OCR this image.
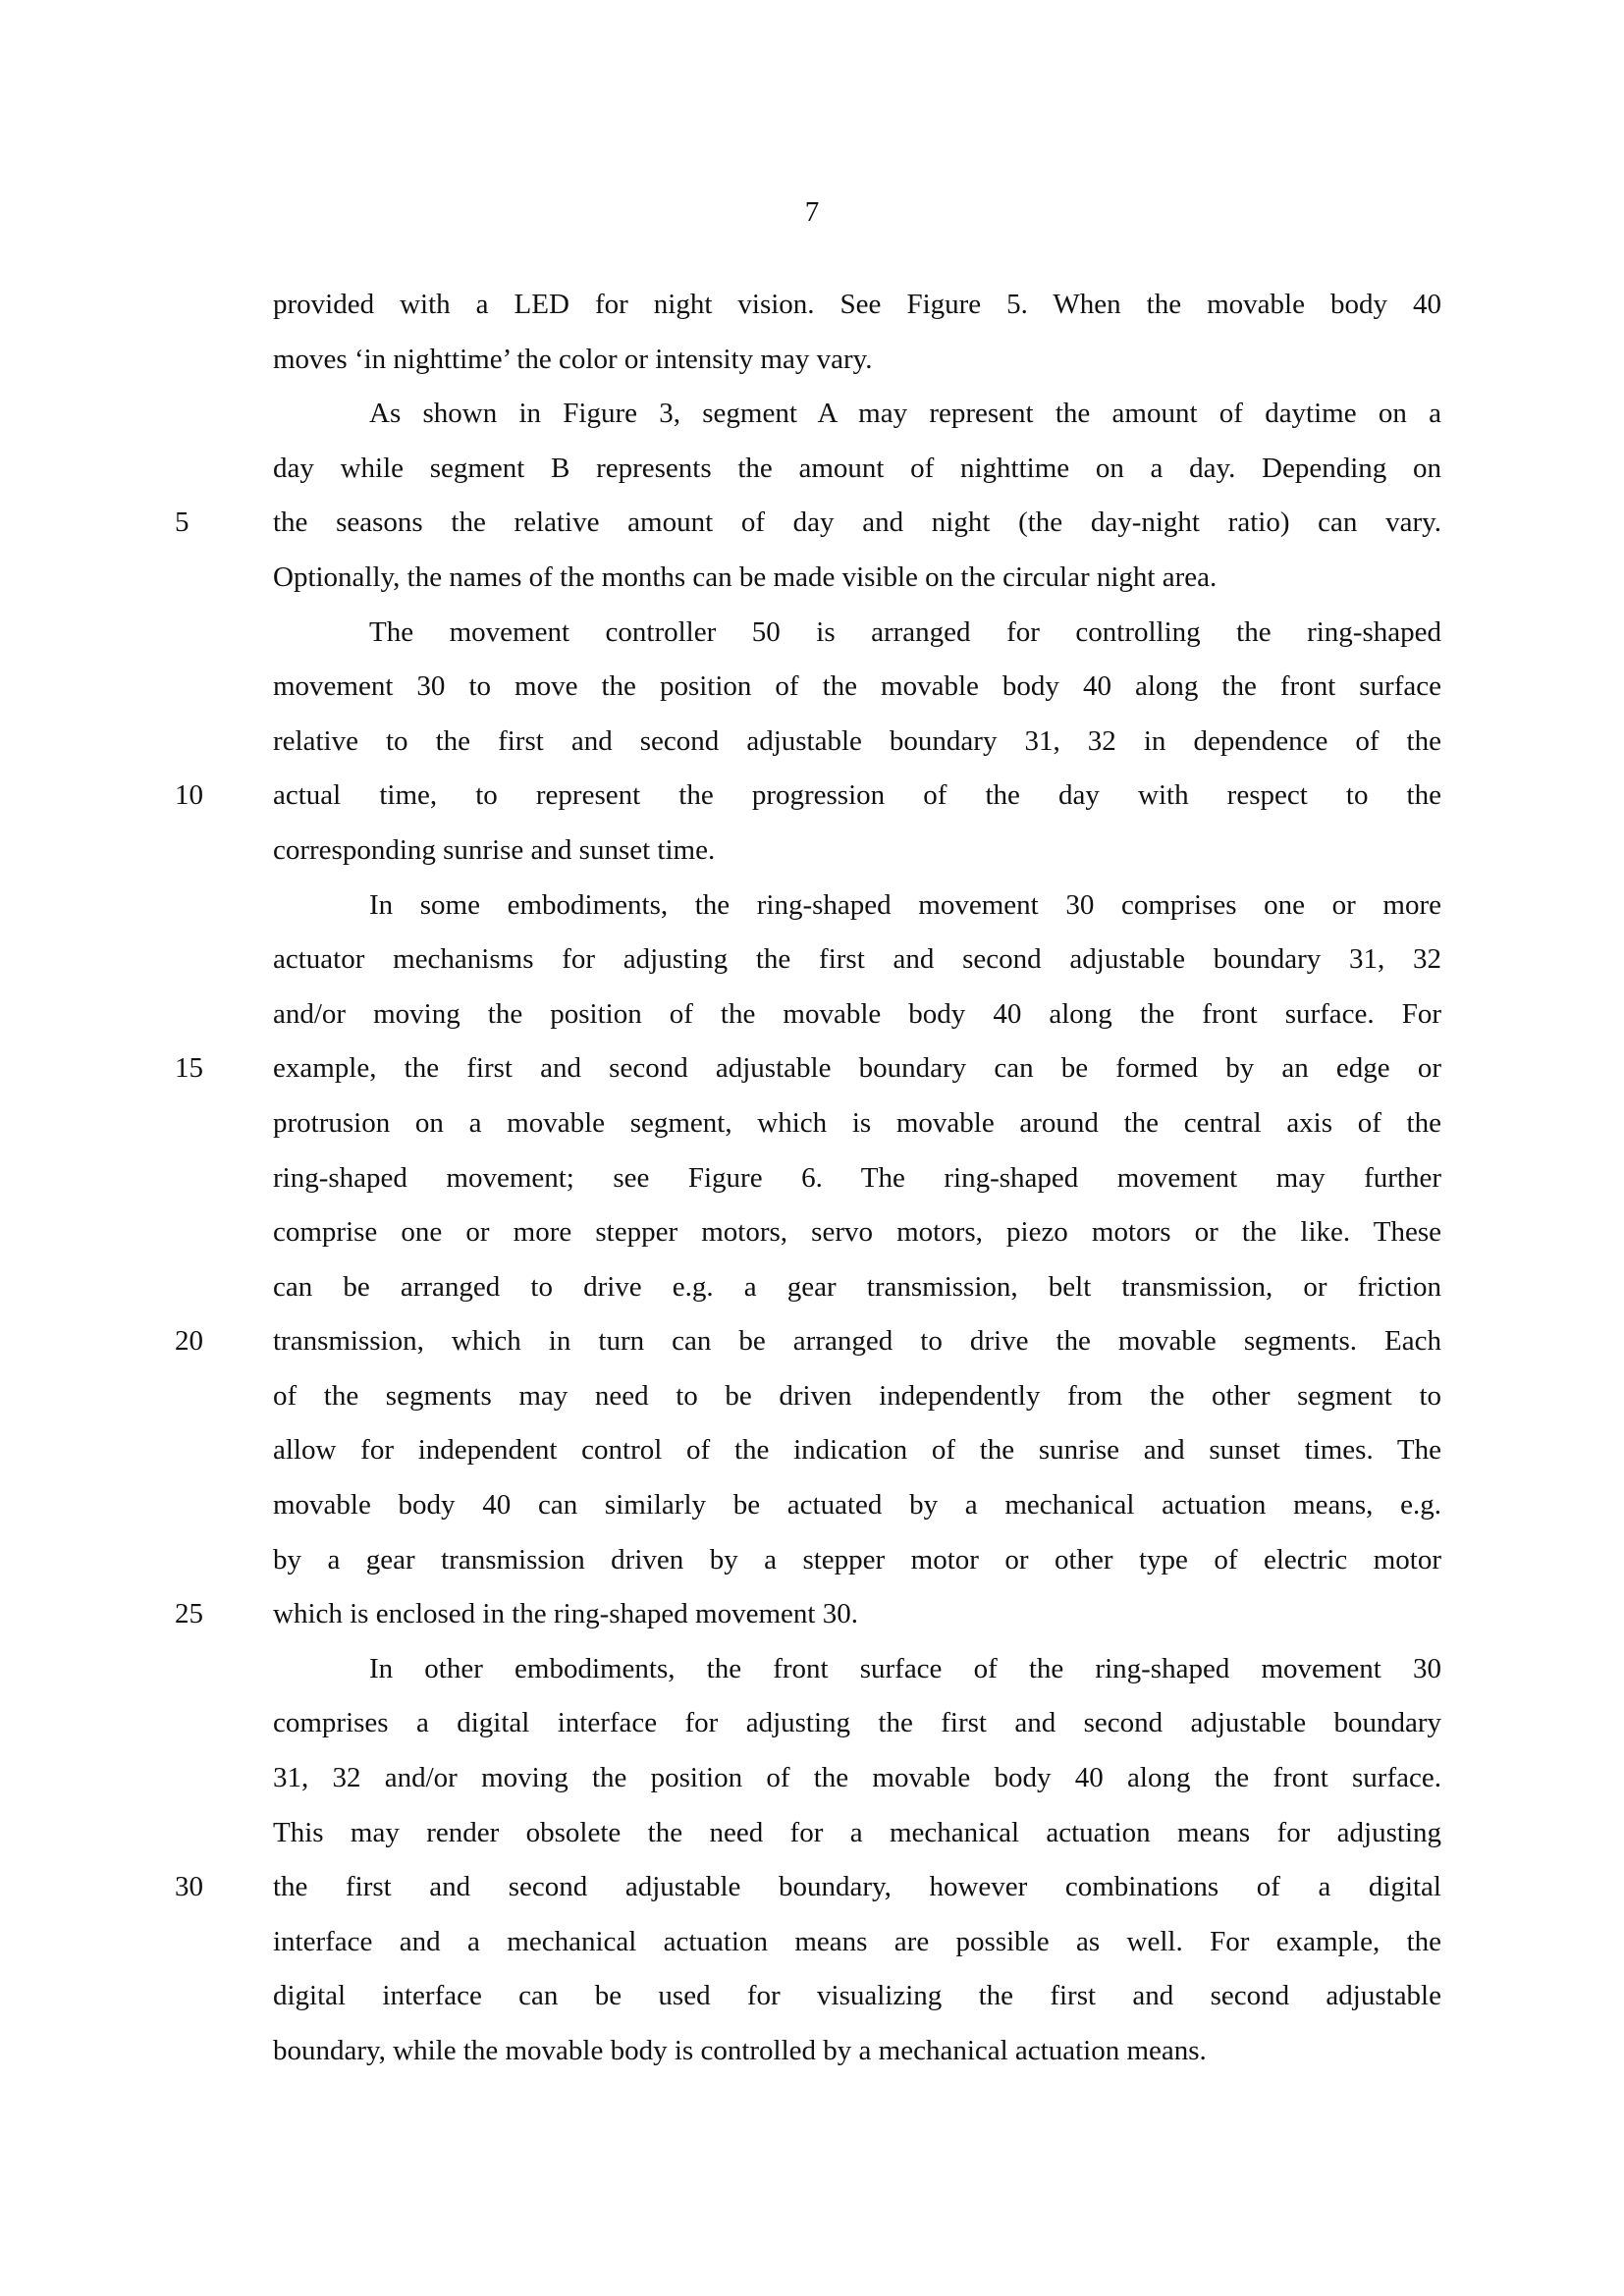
7
provided with a LED for night vision. See Figure 5. When the movable body 40
moves ‘in nighttime’ the color or intensity may vary.
As shown in Figure 3, segment A may represent the amount of daytime on a
day while segment B represents the amount of nighttime on a day. Depending on
5	the seasons the relative amount of day and night (the day-night ratio) can vary.
Optionally, the names of the months can be made visible on the circular night area.
The movement controller 50 is arranged for controlling the ring-shaped
movement 30 to move the position of the movable body 40 along the front surface
relative to the first and second adjustable boundary 31, 32 in dependence of the
10	actual time, to represent the progression of the day with respect to the
corresponding sunrise and sunset time.
In some embodiments, the ring-shaped movement 30 comprises one or more
actuator mechanisms for adjusting the first and second adjustable boundary 31, 32
and/or moving the position of the movable body 40 along the front surface. For
15	example, the first and second adjustable boundary can be formed by an edge or
protrusion on a movable segment, which is movable around the central axis of the
ring-shaped movement; see Figure 6. The ring-shaped movement may further
comprise one or more stepper motors, servo motors, piezo motors or the like. These
can be arranged to drive e.g. a gear transmission, belt transmission, or friction
20	transmission, which in turn can be arranged to drive the movable segments. Each
of the segments may need to be driven independently from the other segment to
allow for independent control of the indication of the sunrise and sunset times. The
movable body 40 can similarly be actuated by a mechanical actuation means, e.g.
by a gear transmission driven by a stepper motor or other type of electric motor
25	which is enclosed in the ring-shaped movement 30.
In other embodiments, the front surface of the ring-shaped movement 30
comprises a digital interface for adjusting the first and second adjustable boundary
31, 32 and/or moving the position of the movable body 40 along the front surface.
This may render obsolete the need for a mechanical actuation means for adjusting
30	the first and second adjustable boundary, however combinations of a digital
interface and a mechanical actuation means are possible as well. For example, the
digital interface can be used for visualizing the first and second adjustable
boundary, while the movable body is controlled by a mechanical actuation means.
